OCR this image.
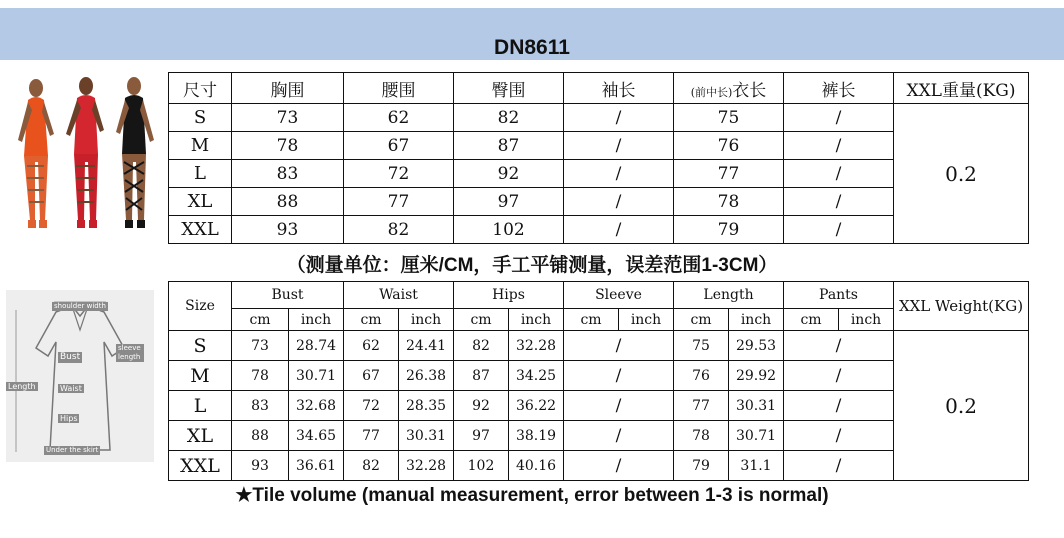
DN8611
尺寸	胸围	腰围	臀围	袖长	(前中长)衣长	裤长	XXL重量(KG)
S	73	62	82	/	75	/	0.2
M	78	67	87	/	76	/	
L	83	72	92	/	77	/	
XL	88	77	97	/	78	/	
XXL	93	82	102	/	79	/	
（测量单位：厘米/CM，手工平铺测量，误差范围1-3CM）
shoulder width
sleeve length
Bust
Length	Waist
Hips
Under the skirt
Size	Bust		Waist		Hips		Sleeve		Length		Pants		XXL Weight(KG)
	cm	inch	cm	inch	cm	inch	cm	inch	cm	inch	cm	inch	
S	73	28.74	62	24.41	82	32.28	/		75	29.53	/		0.2
M	78	30.71	67	26.38	87	34.25	/		76	29.92	/		
L	83	32.68	72	28.35	92	36.22	/		77	30.31	/		
XL	88	34.65	77	30.31	97	38.19	/		78	30.71	/		
XXL	93	36.61	82	32.28	102	40.16	/		79	31.1	/		
★Tile volume (manual measurement, error between 1-3 is normal)
